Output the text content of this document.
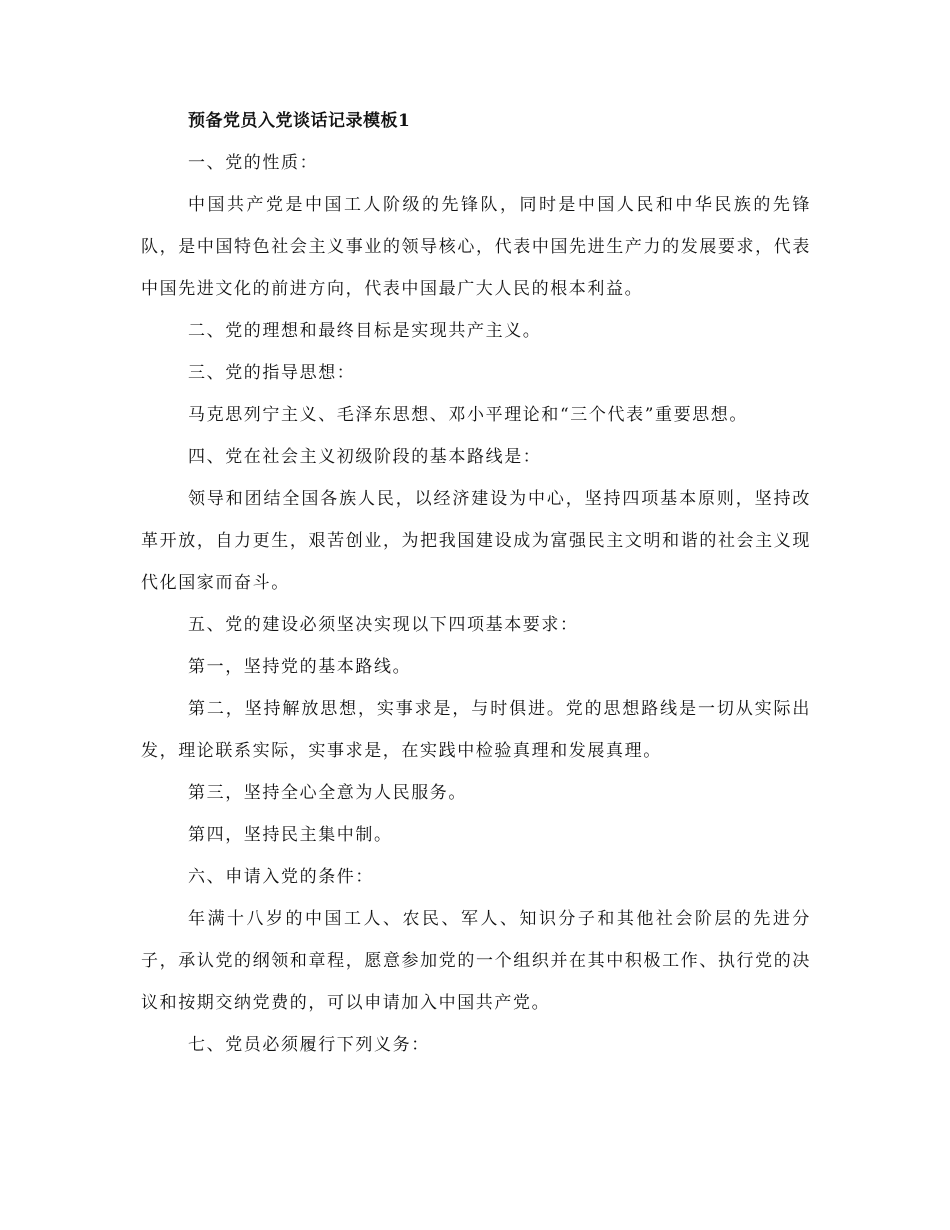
预备党员入党谈话记录模板1

一、党的性质：

中国共产党是中国工人阶级的先锋队，同时是中国人民和中华民族的先锋队，是中国特色社会主义事业的领导核心，代表中国先进生产力的发展要求，代表中国先进文化的前进方向，代表中国最广大人民的根本利益。

二、党的理想和最终目标是实现共产主义。

三、党的指导思想：

马克思列宁主义、毛泽东思想、邓小平理论和“三个代表”重要思想。

四、党在社会主义初级阶段的基本路线是：

领导和团结全国各族人民，以经济建设为中心，坚持四项基本原则，坚持改革开放，自力更生，艰苦创业，为把我国建设成为富强民主文明和谐的社会主义现代化国家而奋斗。

五、党的建设必须坚决实现以下四项基本要求：

第一，坚持党的基本路线。

第二，坚持解放思想，实事求是，与时俱进。党的思想路线是一切从实际出发，理论联系实际，实事求是，在实践中检验真理和发展真理。

第三，坚持全心全意为人民服务。

第四，坚持民主集中制。

六、申请入党的条件：

年满十八岁的中国工人、农民、军人、知识分子和其他社会阶层的先进分子，承认党的纲领和章程，愿意参加党的一个组织并在其中积极工作、执行党的决议和按期交纳党费的，可以申请加入中国共产党。

七、党员必须履行下列义务：
